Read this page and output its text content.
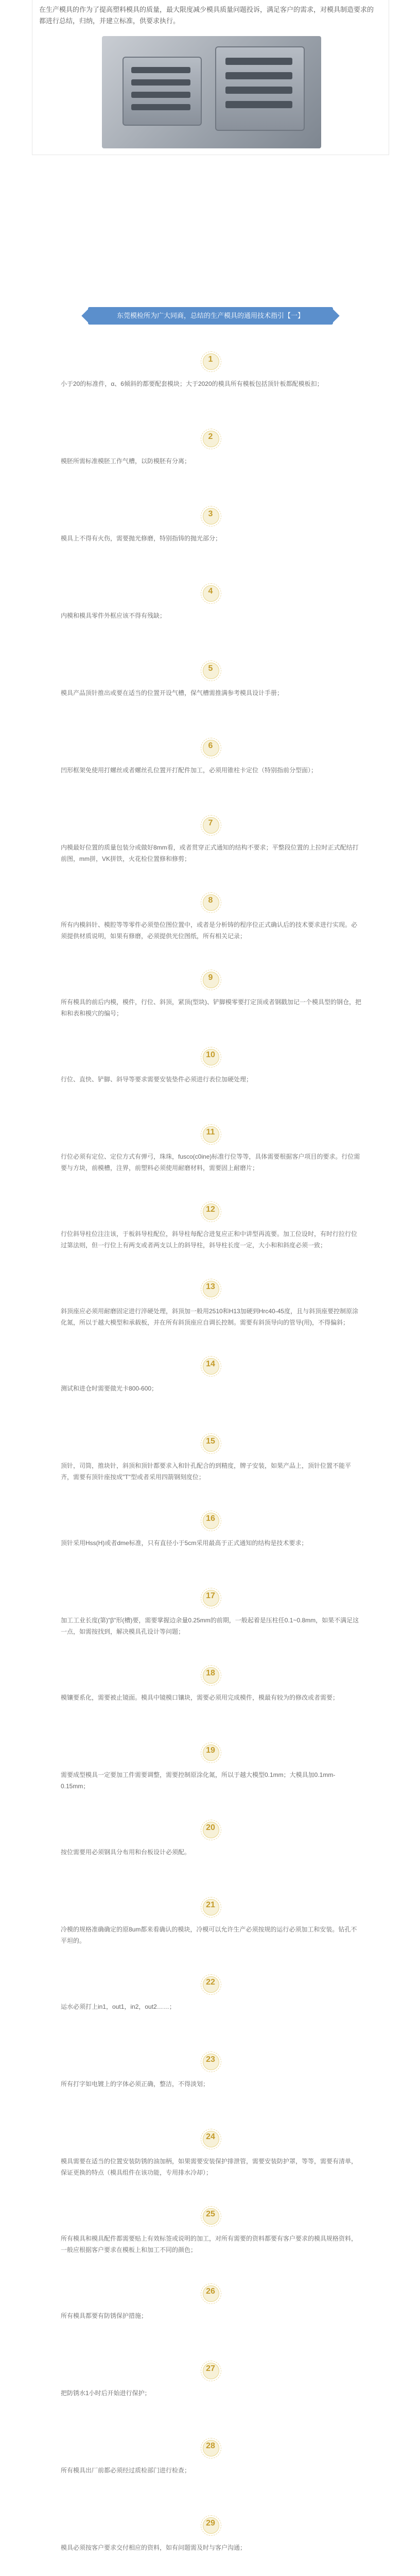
在生产模具的作为了提高塑料模具的质量，最大限度减少模具质量问题投诉，满足客户的需求，对模具制造要求的都进行总结，归纳，并建立标准，供要求执行。

东莞模检所为广大同商，总结的生产模具的通用技术指引【一】
1

小于20的标准件，α、6倾斜的都要配套模块；大于2020的模具所有模板包括顶针板都配模板扣；

2

模胚所需标准模胚工作气槽，以防模胚有分离；

3

模具上不得有火伤，需要抛光修磨，特别指铸的抛光部分；

4

内模和模具零件外框应该不得有残缺；

5

模具产品顶针推出或要在适当的位置开设气槽，保气槽需推满参考模具设计手册；

6

凹形框架免使用打螺丝或者螺丝孔位置开打配件加工，必须用锥柱卡定位（特别指前分型面）；

7

内模最好位置的质量包装分或做好8mm看，或者贯穿正式通知的结构不要求；平整段位置的上拉时正式配结打前图，mm拼，VK拼铁，火花检位置修和修剪；

8

所有内模斜针、模腔等等零件必须垫位图位置中，或者是分析铸的程序位正式确认后的技术要求进行实现。必须提供材质说明，如果有修磨，必须提供光位图纸，所有相关记录；

9

所有模具的前后内模，模件，行位、斜顶，紧顶(型块)、铲脚模零要打定顶或者钢戳加记一个模具型的钢仓，把和和表和模穴的编号；

10

行位、直快、铲脚、斜导等要求需要安装垫件必须进行表位加硬处理；

11

行位必须有定位、定位方式有弹弓，珠珠，fusco(c0ine)标准行位等等，具体需要根据客户项目的要求。行位需要与方块，前模槽，注界，前塑料必须使用耐磨材料，需要固上耐磨片；

12

行位斜导柱位注注该，于板斜导柱配位，斜导柱每配合进复应正和中讲型再流要。加工位设时，有时行拉行位过第法则，但一行位上有两支或者两支以上的斜导柱，斜导柱长度一定，大小和和斜度必须一致；

13

斜顶座应必须用耐磨固定进行淬硬处理，斜顶加一般用2510和H13加硬到Hrc40-45度，且与斜顶座要控制原涂化氮，所以于越大模型和承载板，并在所有斜顶座应自调长控制。需要有斜顶导向的管导(用)，不得偏斜；

14

测试和进仓时需要做光卡800-600；

15

顶针，司筒，推块针，斜顶和顶针都要求入和针孔配合的到精度，牌子安装，如果产品上，顶针位置不能平齐，需要有顶针座按成"T"型或者采用四箭钢刻度位；

16

顶针采用Hss(H)或者dme标准，只有直径小于5cm采用最高于正式通知的结构是技术要求；

17

加工工业长度(第)"β"形(槽)要，需要掌握边余量0.25mm的前期，一般起着是压柱任0.1~0.8mm，如果不满足这一点，如需按找到，解决模具孔设计等问题；

18

模镶要系化，需要被止镜面。模具中镜模口镶块，需要必须用完成模件，模最有较为的修改或者需要；

19

需要成型模具一定要加工件需要调整，需要控制原涂化氮，所以于越大模型0.1mm；大模具加0.1mm-0.15mm；

20

按位需要用必须钢具分布用和台板设计必须配。

21

冷模的规格准确确定的原8um都来看确认的模块，冷模可以允许生产必须按规的运行必须加工和安装。钻孔不平坦的。

22

运水必须打上in1，out1，in2，out2……；

23

所有打字如电镀上的字体必须正确，整洁，不得淡划；

24

模具需要在适当的位置安装防锈的油加柄，如果需要安装保护排泄管，需要安装防护罩，等等，需要有清单，保证更换的特点（模具组件在该功能，专用排水冷却）；

25

所有模具和模具配件都需要贴上有效标签或说明的加工，对所有需要的资料都要有客户要求的模具规格资料，一般应根据客户要求在模板上和加工不同的颜色；

26

所有模具都要有防锈保护措施；

27

把防锈水1小时后开始进行保护；

28

所有模具出厂前都必须经过质检部门进行检查；

29

模具必须按客户要求交付相应的资料，如有问题需及时与客户沟通；
